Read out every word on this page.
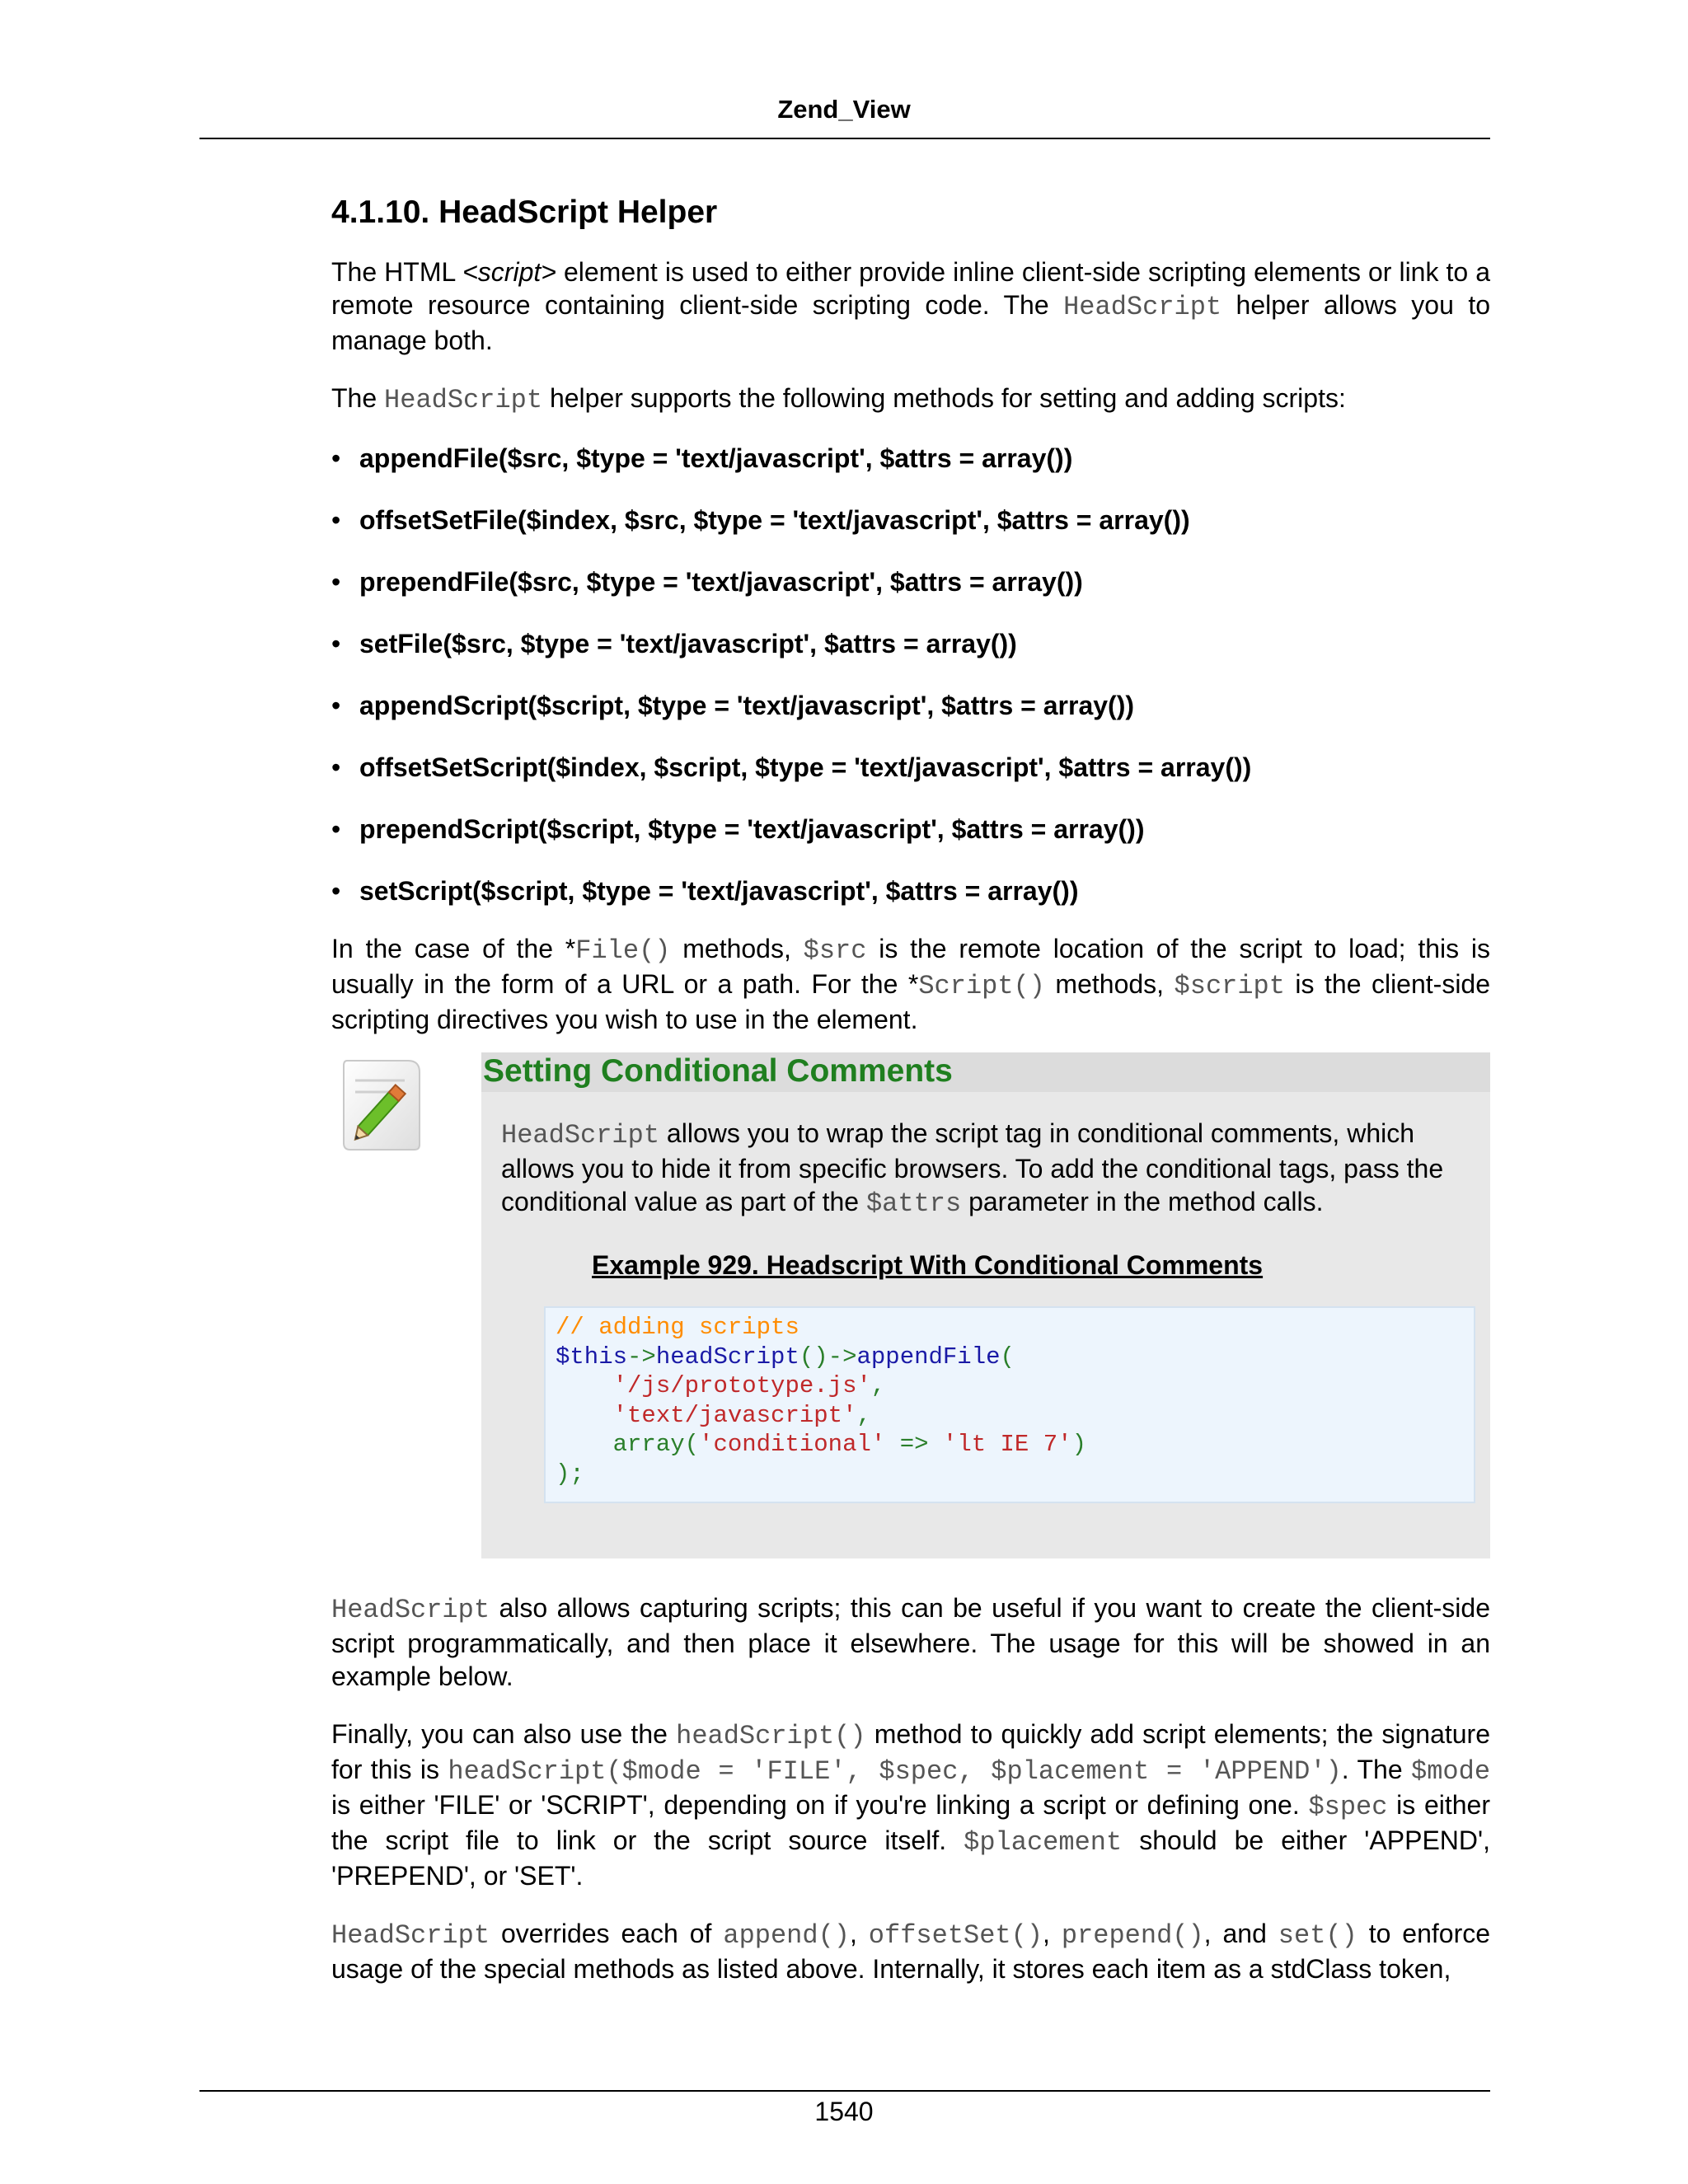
Zend_View
4.1.10. HeadScript Helper

The HTML <script> element is used to either provide inline client-side scripting elements or link to a remote resource containing client-side scripting code. The HeadScript helper allows you to manage both.

The HeadScript helper supports the following methods for setting and adding scripts:

• appendFile($src, $type = 'text/javascript', $attrs = array())
• offsetSetFile($index, $src, $type = 'text/javascript', $attrs = array())
• prependFile($src, $type = 'text/javascript', $attrs = array())
• setFile($src, $type = 'text/javascript', $attrs = array())
• appendScript($script, $type = 'text/javascript', $attrs = array())
• offsetSetScript($index, $script, $type = 'text/javascript', $attrs = array())
• prependScript($script, $type = 'text/javascript', $attrs = array())
• setScript($script, $type = 'text/javascript', $attrs = array())

In the case of the *File() methods, $src is the remote location of the script to load; this is usually in the form of a URL or a path. For the *Script() methods, $script is the client-side scripting directives you wish to use in the element.

Setting Conditional Comments

HeadScript allows you to wrap the script tag in conditional comments, which allows you to hide it from specific browsers. To add the conditional tags, pass the conditional value as part of the $attrs parameter in the method calls.

Example 929. Headscript With Conditional Comments
// adding scripts
$this->headScript()->appendFile(
'/js/prototype.js',
'text/javascript',
array('conditional' => 'lt IE 7')
);

HeadScript also allows capturing scripts; this can be useful if you want to create the client-side script programmatically, and then place it elsewhere. The usage for this will be showed in an example below.

Finally, you can also use the headScript() method to quickly add script elements; the signature for this is headScript($mode = 'FILE', $spec, $placement = 'APPEND'). The $mode is either 'FILE' or 'SCRIPT', depending on if you're linking a script or defining one. $spec is either the script file to link or the script source itself. $placement should be either 'APPEND', 'PREPEND', or 'SET'.

HeadScript overrides each of append(), offsetSet(), prepend(), and set() to enforce usage of the special methods as listed above. Internally, it stores each item as a stdClass token,

1540
